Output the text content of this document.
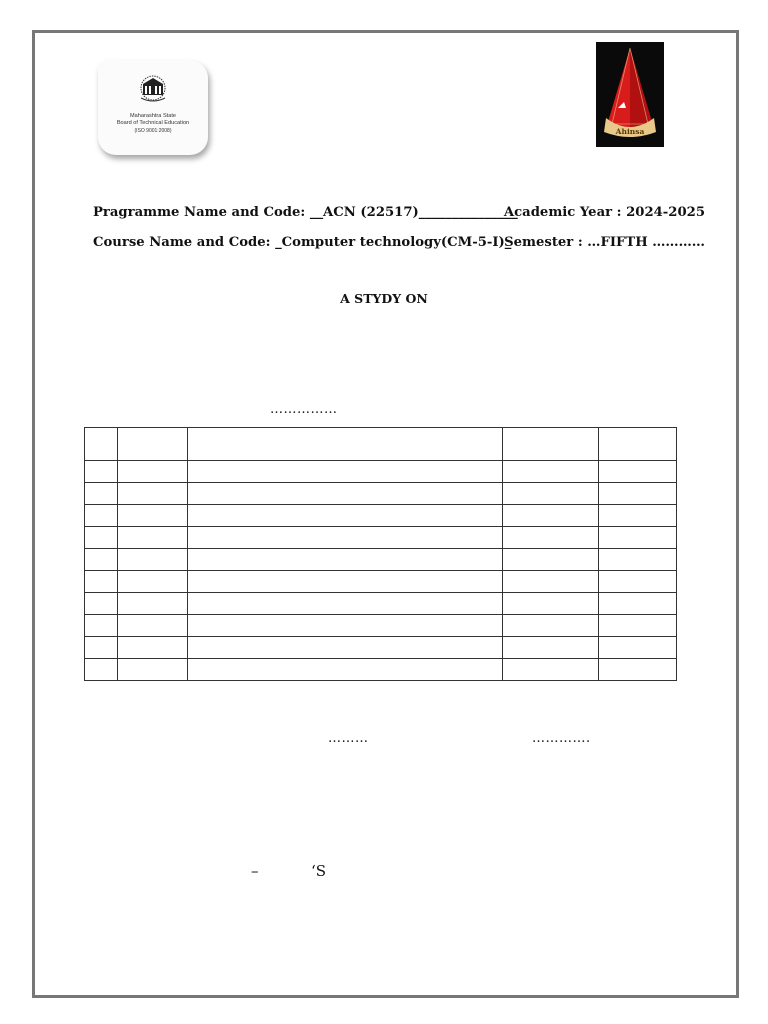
Maharashtra State
Board of Technical Education
(ISO 9001:2008)	Ahinsa
Pragramme Name and Code: __ACN (22517)_______________
Academic Year : 2024-2025
Course Name and Code: _Computer technology(CM-5-I)_
Semester : …FIFTH …………
A STYDY ON
……………

………	………….
–	‘S
